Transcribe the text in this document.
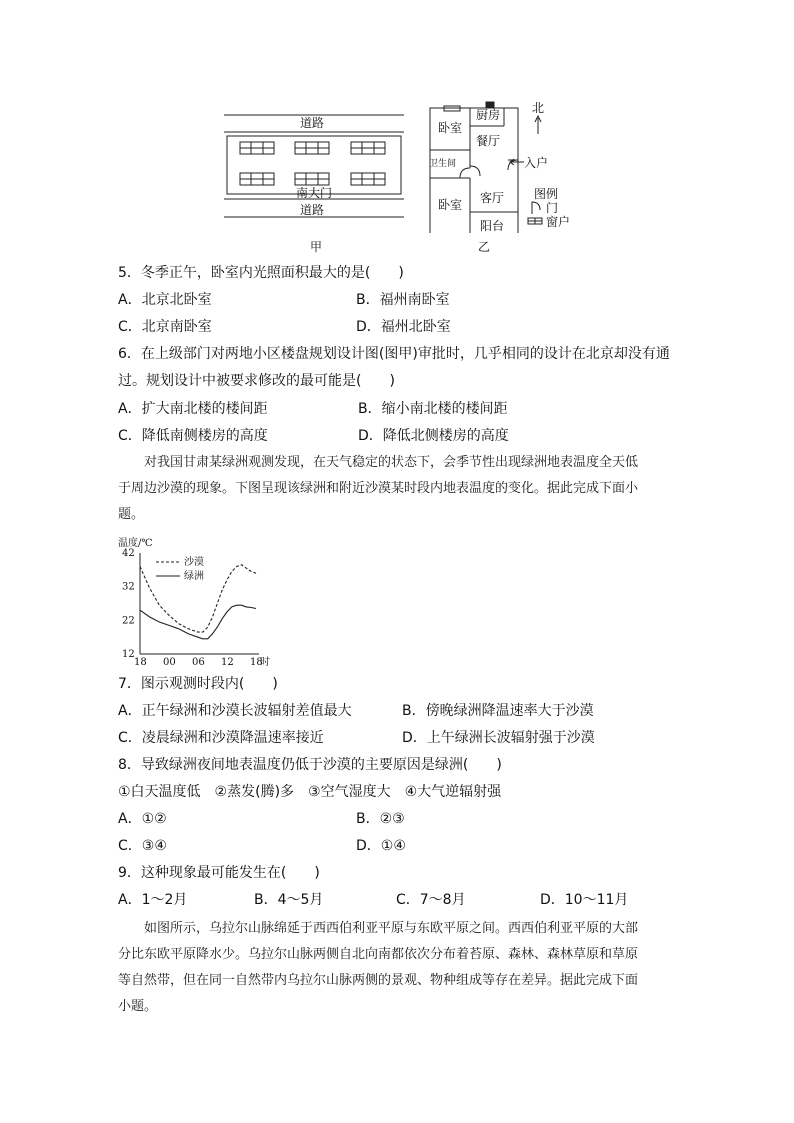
道路
南大门
道路
甲
卧室
厨房
餐厅
卫生间
卧室 客厅
阳台
入户
北
图例
门
窗户
乙
5．冬季正午，卧室内光照面积最大的是(　　)
A．北京北卧室	B．福州南卧室
C．北京南卧室	D．福州北卧室
6．在上级部门对两地小区楼盘规划设计图(图甲)审批时，几乎相同的设计在北京却没有通
过。规划设计中被要求修改的最可能是(　　)
A．扩大南北楼的楼间距	B．缩小南北楼的楼间距
C．降低南侧楼房的高度	D．降低北侧楼房的高度
对我国甘肃某绿洲观测发现，在天气稳定的状态下，会季节性出现绿洲地表温度全天低
于周边沙漠的现象。下图呈现该绿洲和附近沙漠某时段内地表温度的变化。据此完成下面小
题。
温度/℃
42
32
22
12
18 00 06 12 18
时
沙漠
绿洲
7．图示观测时段内(　　)
A．正午绿洲和沙漠长波辐射差值最大	B．傍晚绿洲降温速率大于沙漠
C．凌晨绿洲和沙漠降温速率接近	D．上午绿洲长波辐射强于沙漠
8．导致绿洲夜间地表温度仍低于沙漠的主要原因是绿洲(　　)
①白天温度低　②蒸发(腾)多　③空气湿度大　④大气逆辐射强
A．①②	B．②③
C．③④	D．①④
9．这种现象最可能发生在(　　)
A．1～2月	B．4～5月	C．7～8月	D．10～11月
如图所示，乌拉尔山脉绵延于西西伯利亚平原与东欧平原之间。西西伯利亚平原的大部
分比东欧平原降水少。乌拉尔山脉两侧自北向南都依次分布着苔原、森林、森林草原和草原
等自然带，但在同一自然带内乌拉尔山脉两侧的景观、物种组成等存在差异。据此完成下面
小题。
